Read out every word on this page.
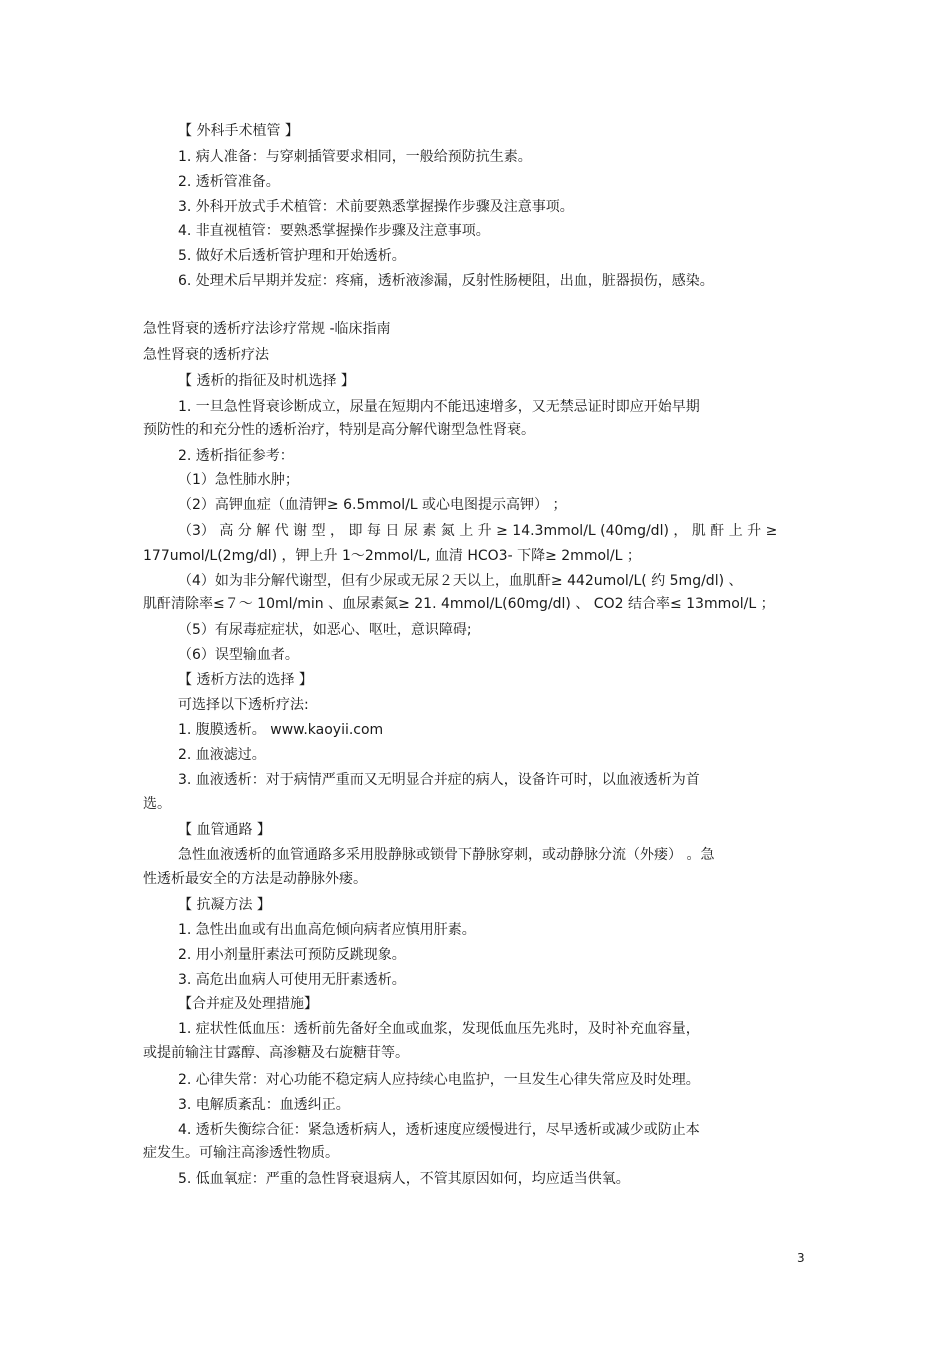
【 外科手术植管 】
1. 病人准备：与穿刺插管要求相同，一般给预防抗生素。
2. 透析管准备。
3. 外科开放式手术植管：术前要熟悉掌握操作步骤及注意事项。
4. 非直视植管：要熟悉掌握操作步骤及注意事项。
5. 做好术后透析管护理和开始透析。
6. 处理术后早期并发症：疼痛，透析液渗漏，反射性肠梗阻，出血，脏器损伤，感染。
急性肾衰的透析疗法诊疗常规 -临床指南
急性肾衰的透析疗法
【 透析的指征及时机选择 】
1. 一旦急性肾衰诊断成立，尿量在短期内不能迅速增多，又无禁忌证时即应开始早期
预防性的和充分性的透析治疗，特别是高分解代谢型急性肾衰。
2. 透析指征参考：
（1）急性肺水肿；
（2）高钾血症（血清钾≥ 6.5mmol/L 或心电图提示高钾） ；
（3） 高 分 解 代 谢 型 ， 即 每 日 尿 素 氮 上 升 ≥ 14.3mmol/L (40mg/dl) ， 肌 酐 上 升 ≥
177umol/L(2mg/dl) ，钾上升 1～2mmol/L, 血清 HCO3- 下降≥ 2mmol/L ；
（4）如为非分解代谢型，但有少尿或无尿２天以上，血肌酐≥ 442umol/L( 约 5mg/dl) 、
肌酐清除率≤７～ 10ml/min 、血尿素氮≥ 21. 4mmol/L(60mg/dl) 、 CO2 结合率≤ 13mmol/L ；
（5）有尿毒症症状，如恶心、呕吐，意识障碍;
（6）误型输血者。
【 透析方法的选择 】
可选择以下透析疗法:
1. 腹膜透析。 www.kaoyii.com
2. 血液滤过。
3. 血液透析：对于病情严重而又无明显合并症的病人，设备许可时，以血液透析为首
选。
【 血管通路 】
急性血液透析的血管通路多采用股静脉或锁骨下静脉穿刺，或动静脉分流（外瘘） 。急
性透析最安全的方法是动静脉外瘘。
【 抗凝方法 】
1. 急性出血或有出血高危倾向病者应慎用肝素。
2. 用小剂量肝素法可预防反跳现象。
3. 高危出血病人可使用无肝素透析。
【合并症及处理措施】
1. 症状性低血压：透析前先备好全血或血浆，发现低血压先兆时，及时补充血容量，
或提前输注甘露醇、高渗糖及右旋糖苷等。
2. 心律失常：对心功能不稳定病人应持续心电监护，一旦发生心律失常应及时处理。
3. 电解质紊乱：血透纠正。
4. 透析失衡综合征：紧急透析病人，透析速度应缓慢进行，尽早透析或减少或防止本
症发生。可输注高渗透性物质。
5. 低血氧症：严重的急性肾衰退病人，不管其原因如何，均应适当供氧。
3
